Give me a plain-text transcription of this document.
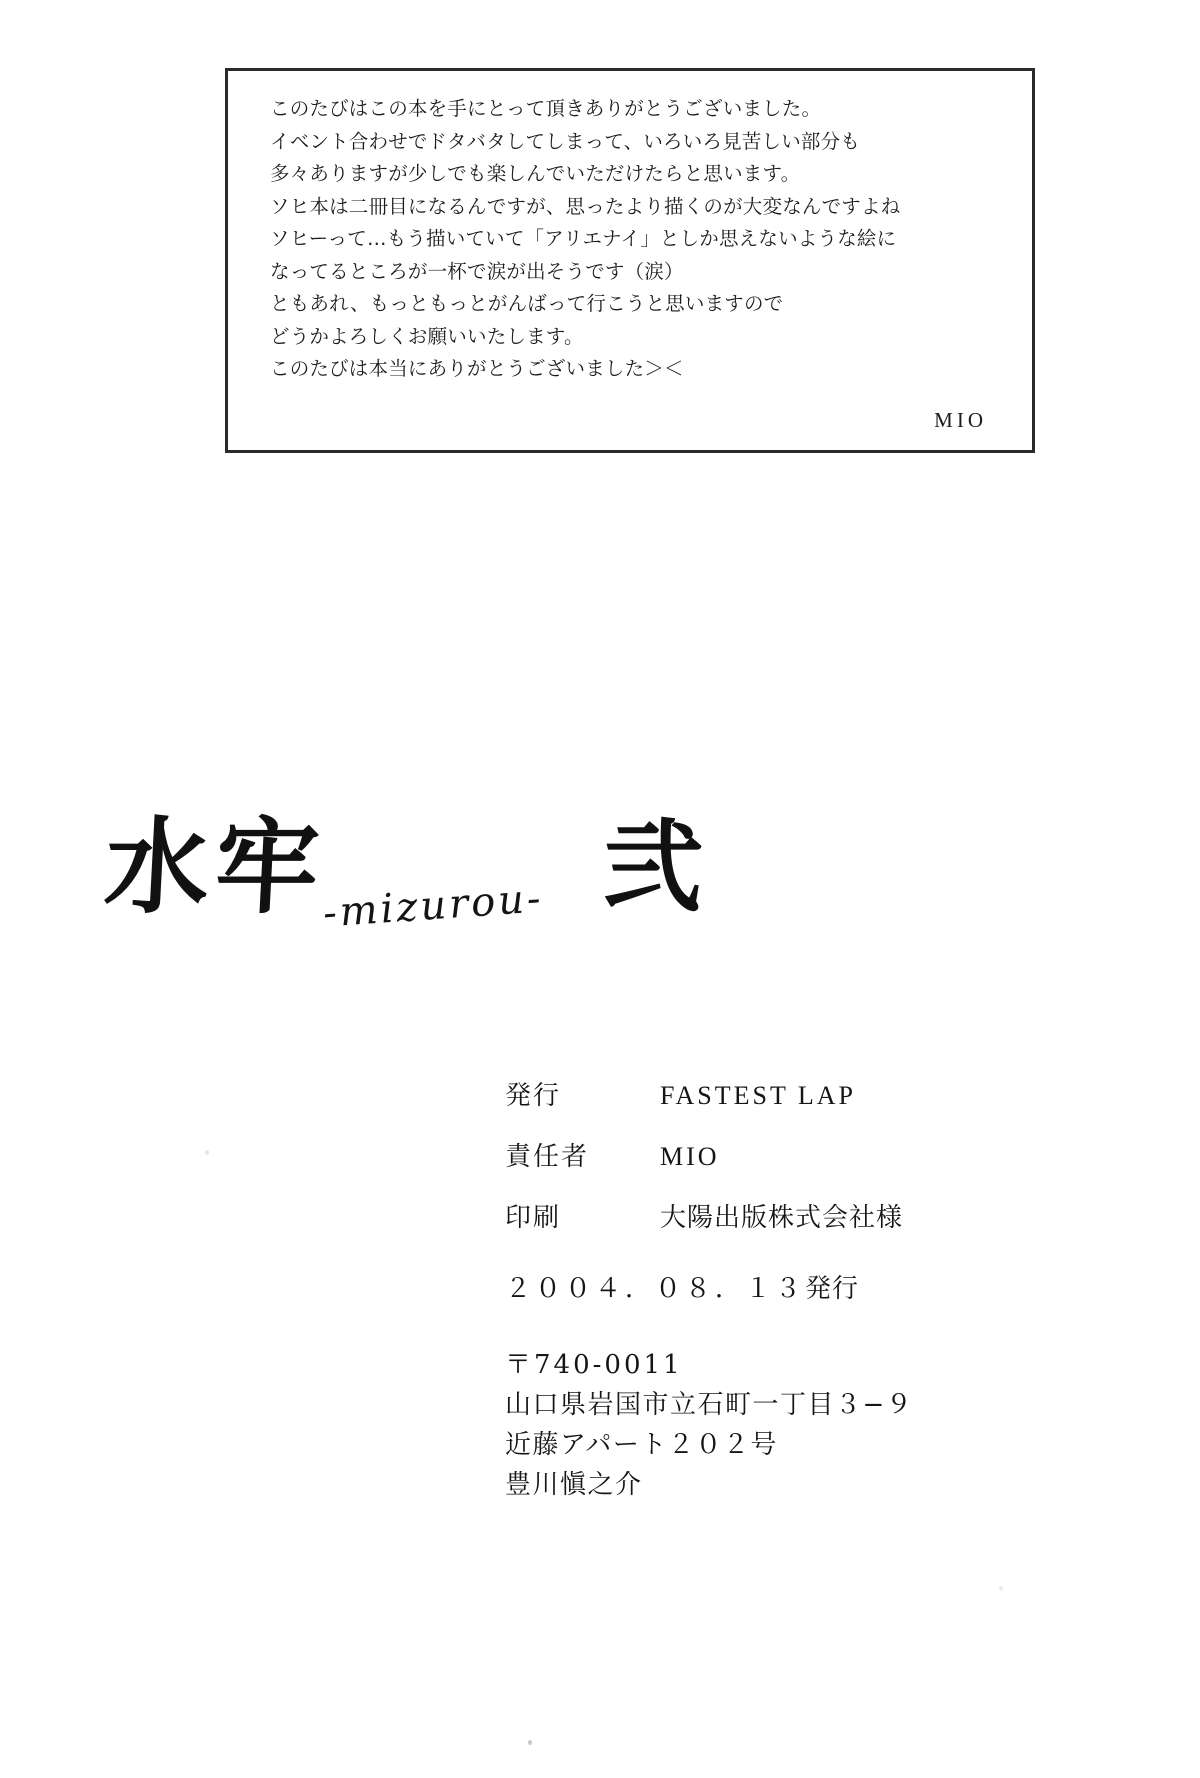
このたびはこの本を手にとって頂きありがとうございました。
イベント合わせでドタバタしてしまって、いろいろ見苦しい部分も
多々ありますが少しでも楽しんでいただけたらと思います。
ソヒ本は二冊目になるんですが、思ったより描くのが大変なんですよね
ソヒーって…もう描いていて「アリエナイ」としか思えないような絵に
なってるところが一杯で涙が出そうです（涙）
ともあれ、もっともっとがんばって行こうと思いますので
どうかよろしくお願いいたします。
このたびは本当にありがとうございました＞＜
MIO
水牢
-mizurou- 弐
発行	FASTEST LAP
責任者	MIO
印刷	大陽出版株式会社様
２００４．０８．１３発行
〒740-0011
山口県岩国市立石町一丁目３−９
近藤アパート２０２号
豊川愼之介
